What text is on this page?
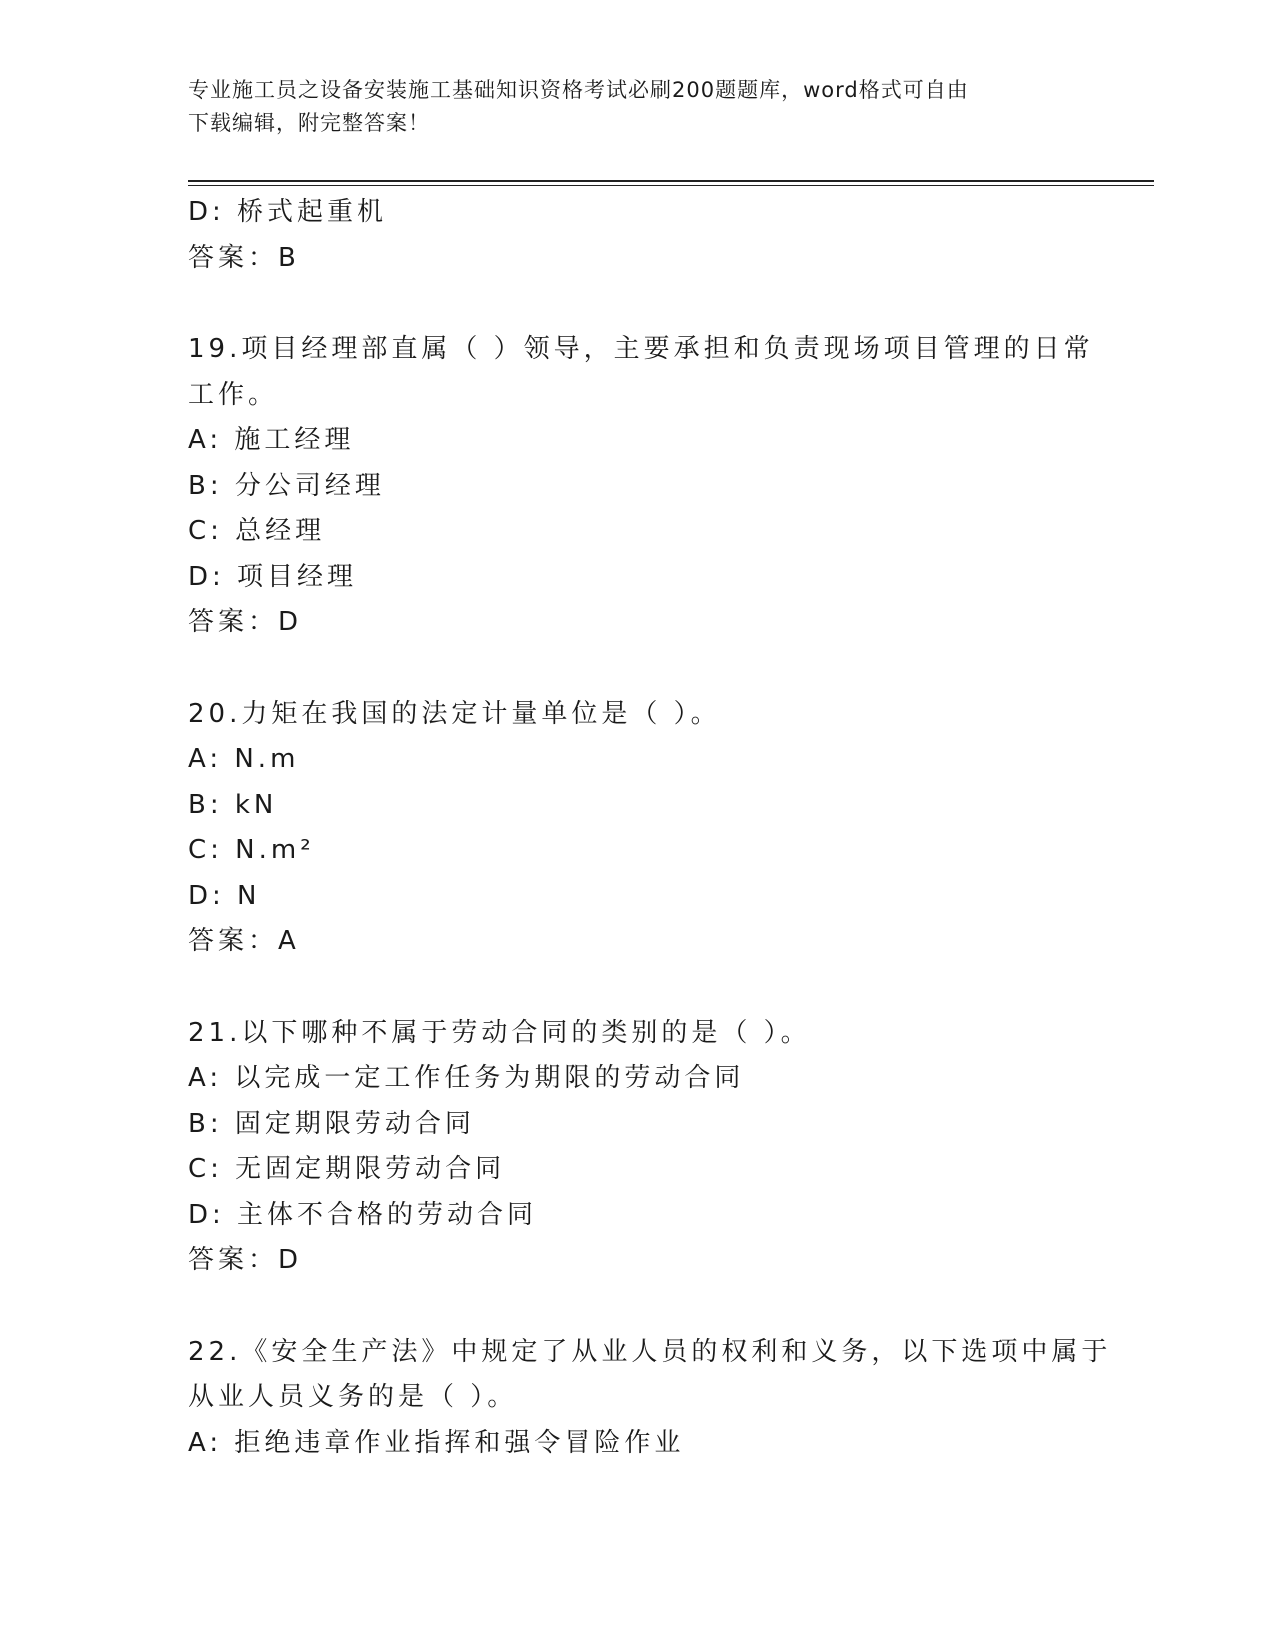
专业施工员之设备安装施工基础知识资格考试必刷200题题库，word格式可自由
下载编辑，附完整答案！
D: 桥式起重机
答案：B
19.项目经理部直属（ ）领导，主要承担和负责现场项目管理的日常
工作。
A: 施工经理
B: 分公司经理
C: 总经理
D: 项目经理
答案：D
20.力矩在我国的法定计量单位是（ ）。
A: N.m
B: kN
C: N.m²
D: N
答案：A
21.以下哪种不属于劳动合同的类别的是（ ）。
A: 以完成一定工作任务为期限的劳动合同
B: 固定期限劳动合同
C: 无固定期限劳动合同
D: 主体不合格的劳动合同
答案：D
22.《安全生产法》中规定了从业人员的权利和义务，以下选项中属于
从业人员义务的是（ ）。
A: 拒绝违章作业指挥和强令冒险作业
